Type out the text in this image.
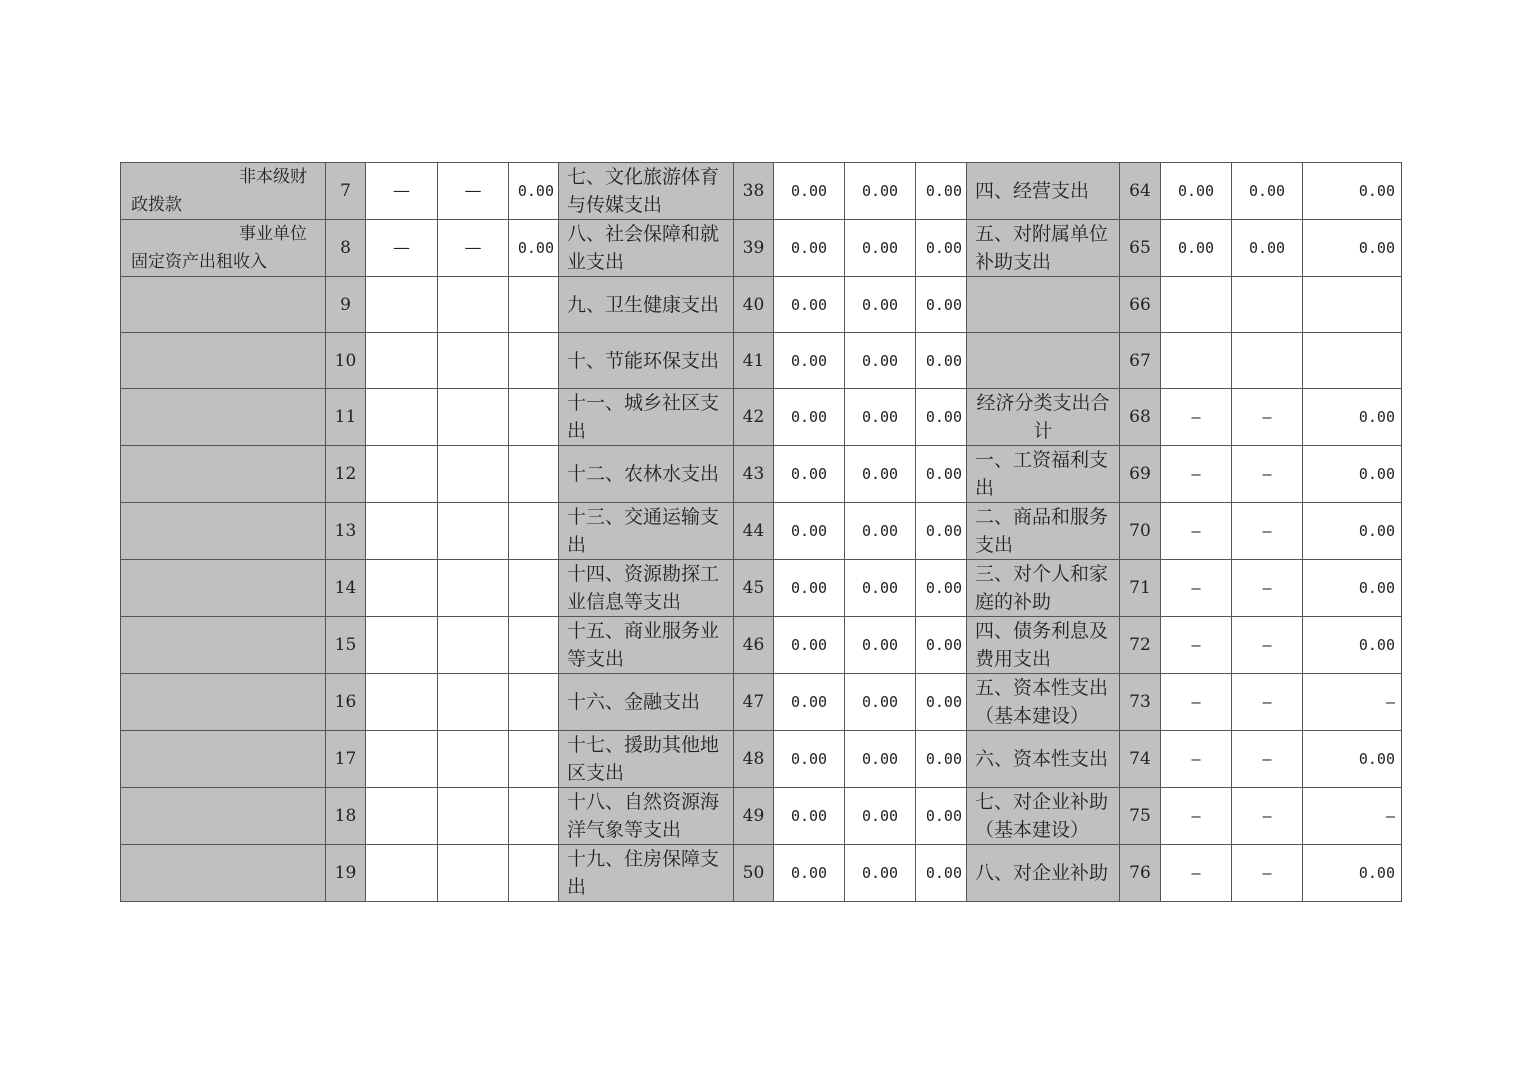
非本级财
政拨款	7	—	—	0.00	七、文化旅游体育与传媒支出	38	0.00	0.00	0.00	四、经营支出	64	0.00	0.00	0.00

事业单位
固定资产出租收入	8	—	—	0.00	八、社会保障和就业支出	39	0.00	0.00	0.00	五、对附属单位补助支出	65	0.00	0.00	0.00

	9				九、卫生健康支出	40	0.00	0.00	0.00		66			

	10				十、节能环保支出	41	0.00	0.00	0.00		67			

	11				十一、城乡社区支出	42	0.00	0.00	0.00	经济分类支出合计	68	—	—	0.00

	12				十二、农林水支出	43	0.00	0.00	0.00	一、工资福利支出	69	—	—	0.00

	13				十三、交通运输支出	44	0.00	0.00	0.00	二、商品和服务支出	70	—	—	0.00

	14				十四、资源勘探工业信息等支出	45	0.00	0.00	0.00	三、对个人和家庭的补助	71	—	—	0.00

	15				十五、商业服务业等支出	46	0.00	0.00	0.00	四、债务利息及费用支出	72	—	—	0.00

	16				十六、金融支出	47	0.00	0.00	0.00	五、资本性支出（基本建设）	73	—	—	—

	17				十七、援助其他地区支出	48	0.00	0.00	0.00	六、资本性支出	74	—	—	0.00

	18				十八、自然资源海洋气象等支出	49	0.00	0.00	0.00	七、对企业补助（基本建设）	75	—	—	—

	19				十九、住房保障支出	50	0.00	0.00	0.00	八、对企业补助	76	—	—	0.00
